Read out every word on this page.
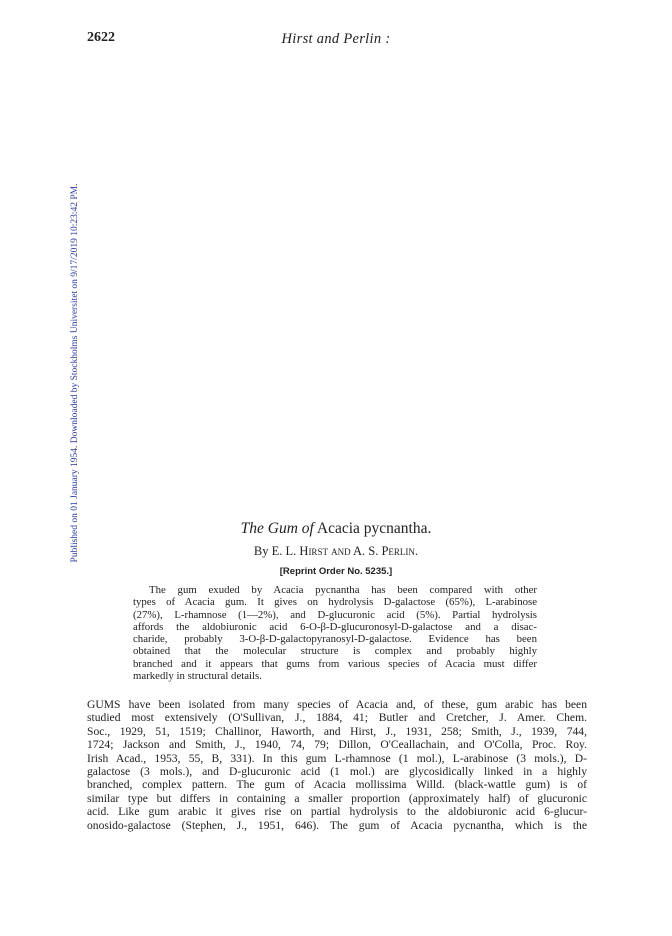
Published on 01 January 1954. Downloaded by Stockholms Universitet on 9/17/2019 10:23:42 PM.
2622	Hirst and Perlin :
The Gum of Acacia pycnantha.
By E. L. Hirst and A. S. Perlin.
[Reprint Order No. 5235.]
The gum exuded by Acacia pycnantha has been compared with other
types of Acacia gum. It gives on hydrolysis D-galactose (65%), L-arabinose
(27%), L-rhamnose (1—2%), and D-glucuronic acid (5%). Partial hydrolysis
affords the aldobiuronic acid 6-O-β-D-glucuronosyl-D-galactose and a disac-
charide, probably 3-O-β-D-galactopyranosyl-D-galactose. Evidence has been
obtained that the molecular structure is complex and probably highly
branched and it appears that gums from various species of Acacia must differ
markedly in structural details.
GUMS have been isolated from many species of Acacia and, of these, gum arabic has been
studied most extensively (O'Sullivan, J., 1884, 41; Butler and Cretcher, J. Amer. Chem.
Soc., 1929, 51, 1519; Challinor, Haworth, and Hirst, J., 1931, 258; Smith, J., 1939, 744,
1724; Jackson and Smith, J., 1940, 74, 79; Dillon, O'Ceallachain, and O'Colla, Proc. Roy.
Irish Acad., 1953, 55, B, 331). In this gum L-rhamnose (1 mol.), L-arabinose (3 mols.), D-
galactose (3 mols.), and D-glucuronic acid (1 mol.) are glycosidically linked in a highly
branched, complex pattern. The gum of Acacia mollissima Willd. (black-wattle gum) is of
similar type but differs in containing a smaller proportion (approximately half) of glucuronic
acid. Like gum arabic it gives rise on partial hydrolysis to the aldobiuronic acid 6-glucur-
onosido-galactose (Stephen, J., 1951, 646). The gum of Acacia pycnantha, which is the
